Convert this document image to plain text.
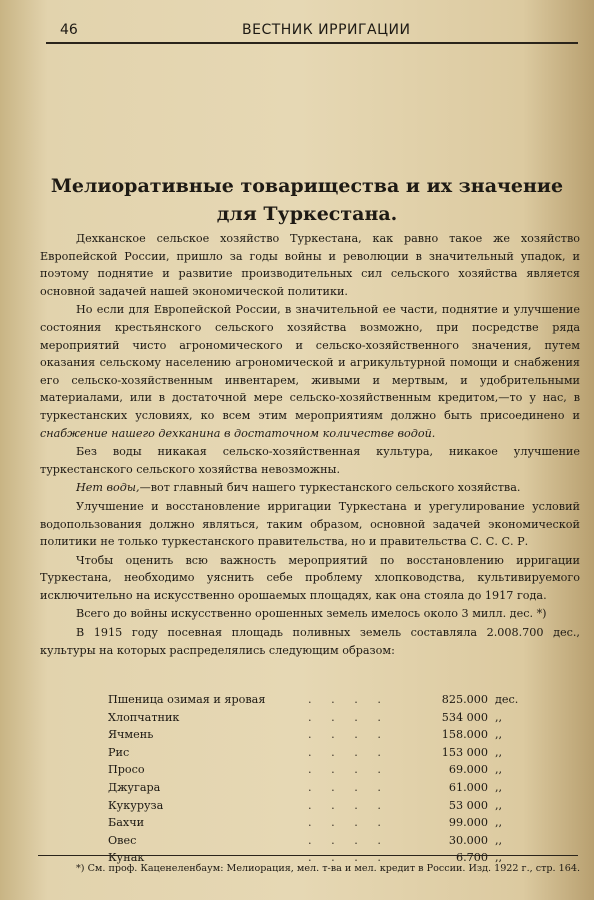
46	ВЕСТНИК ИРРИГАЦИИ
Мелиоративные товарищества и их значение
для Туркестана.

Дехканское сельское хозяйство Туркестана, как равно такое же хозяйство Европейской России, пришло за годы войны и революции в значительный упадок, и поэтому поднятие и развитие производительных сил сельского хозяйства является основной задачей нашей экономической политики.

Но если для Европейской России, в значительной ее части, поднятие и улучшение состояния крестьянского сельского хозяйства возможно, при посредстве ряда мероприятий чисто агрономического и сельско-хозяйственного значения, путем оказания сельскому населению агрономической и агрикультурной помощи и снабжения его сельско-хозяйственным инвентарем, живыми и мертвым, и удобрительными материалами, или в достаточной мере сельско-хозяйственным кредитом,—то у нас, в туркестанских условиях, ко всем этим мероприятиям должно быть присоединено и снабжение нашего дехканина в достаточном количестве водой.

Без воды никакая сельско-хозяйственная культура, никакое улучшение туркестанского сельского хозяйства невозможны.

Нет воды,—вот главный бич нашего туркестанского сельского хозяйства.

Улучшение и восстановление ирригации Туркестана и урегулирование условий водопользования должно являться, таким образом, основной задачей экономической политики не только туркестанского правительства, но и правительства С. С. С. Р.

Чтобы оценить всю важность мероприятий по восстановлению ирригации Туркестана, необходимо уяснить себе проблему хлопководства, культивируемого исключительно на искусственно орошаемых площадях, как она стояла до 1917 года.

Всего до войны искусственно орошенных земель имелось около 3 милл. дес. *)

В 1915 году посевная площадь поливных земель составляла 2.008.700 дес., культуры на которых распределялись следующим образом:

Пшеница озимая и яровая	. . . .	825.000 дес.
Хлопчатник	. . . .	534 000 ,,
Ячмень	. . . .	158.000 ,,
Рис	. . . .	153 000 ,,
Просо	. . . .	69.000 ,,
Джугара	. . . .	61.000 ,,
Кукуруза	. . . .	53 000 ,,
Бахчи	. . . .	99.000 ,,
Овес	. . . .	30.000 ,,
Кунак	. . . .	6.700 ,,
*) См. проф. Каценеленбаум: Мелиорация, мел. т-ва и мел. кредит в России. Изд. 1922 г., стр. 164.
